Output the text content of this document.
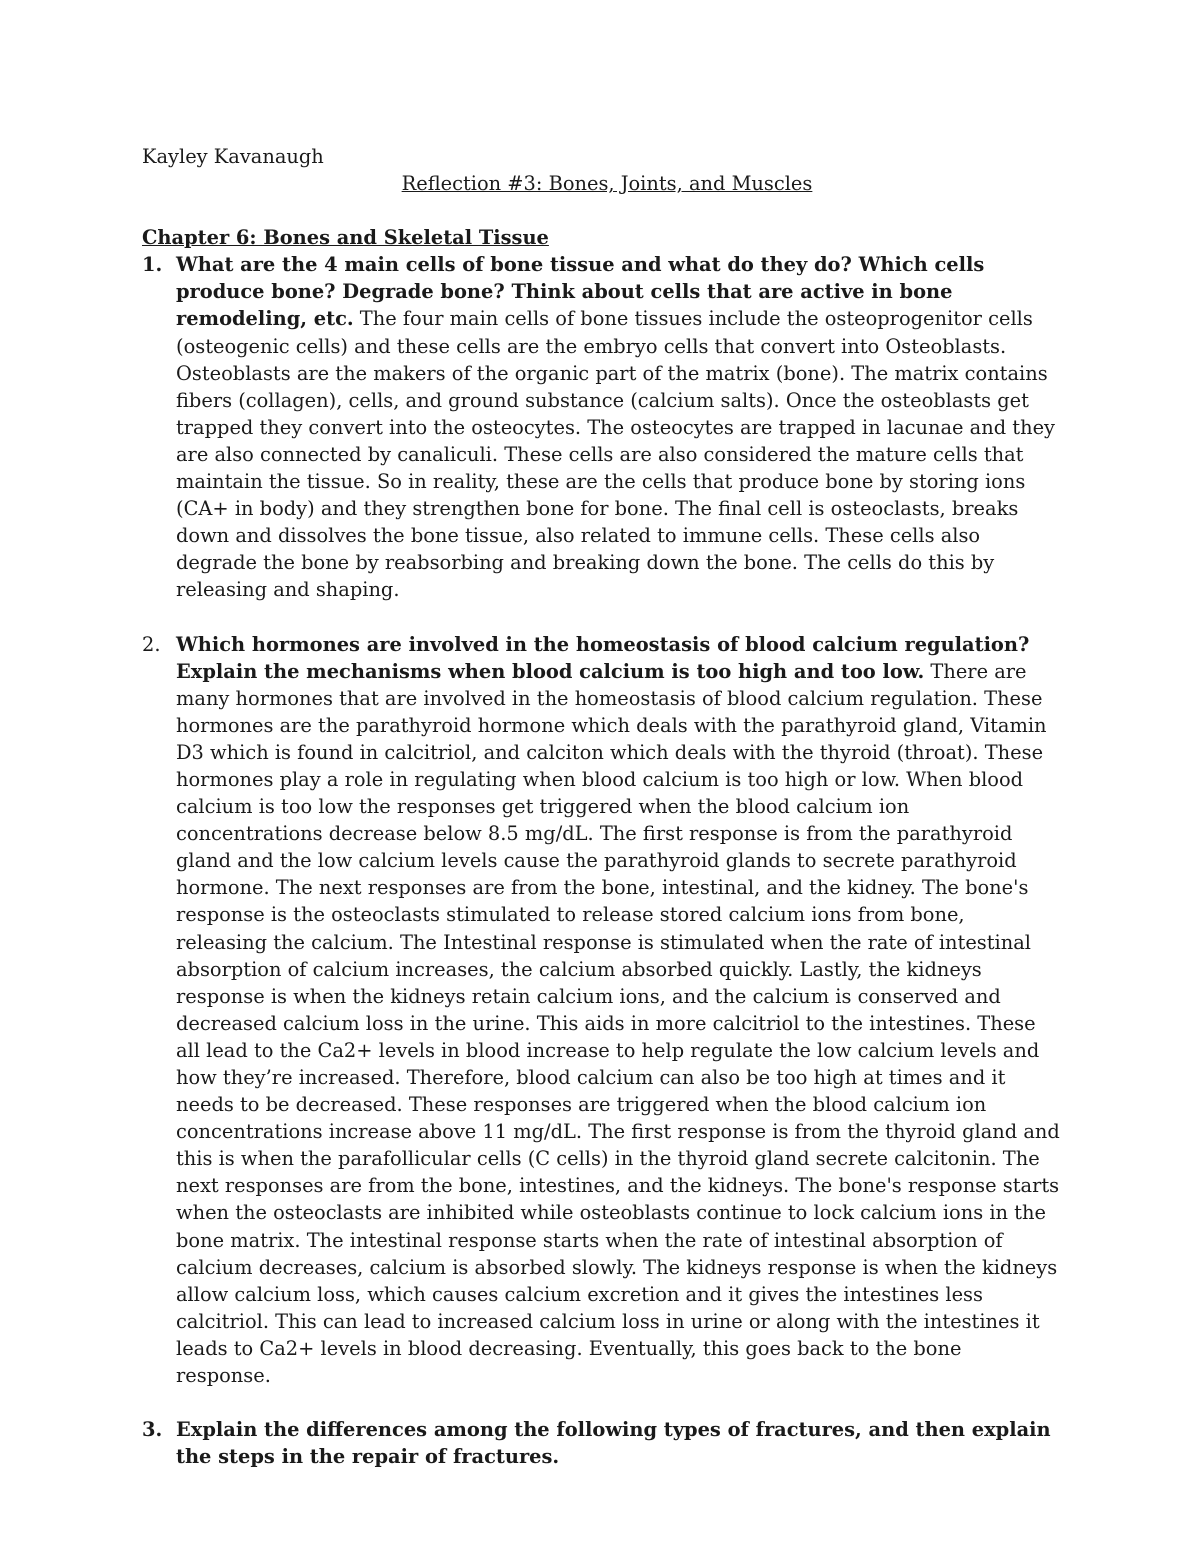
Kayley Kavanaugh

Reflection #3: Bones, Joints, and Muscles

Chapter 6: Bones and Skeletal Tissue

1. What are the 4 main cells of bone tissue and what do they do? Which cells produce bone? Degrade bone? Think about cells that are active in bone remodeling, etc. The four main cells of bone tissues include the osteoprogenitor cells (osteogenic cells) and these cells are the embryo cells that convert into Osteoblasts. Osteoblasts are the makers of the organic part of the matrix (bone). The matrix contains fibers (collagen), cells, and ground substance (calcium salts). Once the osteoblasts get trapped they convert into the osteocytes. The osteocytes are trapped in lacunae and they are also connected by canaliculi. These cells are also considered the mature cells that maintain the tissue. So in reality, these are the cells that produce bone by storing ions (CA+ in body) and they strengthen bone for bone. The final cell is osteoclasts, breaks down and dissolves the bone tissue, also related to immune cells. These cells also degrade the bone by reabsorbing and breaking down the bone. The cells do this by releasing and shaping.
2. Which hormones are involved in the homeostasis of blood calcium regulation? Explain the mechanisms when blood calcium is too high and too low. There are many hormones that are involved in the homeostasis of blood calcium regulation. These hormones are the parathyroid hormone which deals with the parathyroid gland, Vitamin D3 which is found in calcitriol, and calciton which deals with the thyroid (throat). These hormones play a role in regulating when blood calcium is too high or low. When blood calcium is too low the responses get triggered when the blood calcium ion concentrations decrease below 8.5 mg/dL. The first response is from the parathyroid gland and the low calcium levels cause the parathyroid glands to secrete parathyroid hormone. The next responses are from the bone, intestinal, and the kidney. The bone's response is the osteoclasts stimulated to release stored calcium ions from bone, releasing the calcium. The Intestinal response is stimulated when the rate of intestinal absorption of calcium increases, the calcium absorbed quickly. Lastly, the kidneys response is when the kidneys retain calcium ions, and the calcium is conserved and decreased calcium loss in the urine. This aids in more calcitriol to the intestines. These all lead to the Ca2+ levels in blood increase to help regulate the low calcium levels and how they’re increased. Therefore, blood calcium can also be too high at times and it needs to be decreased. These responses are triggered when the blood calcium ion concentrations increase above 11 mg/dL. The first response is from the thyroid gland and this is when the parafollicular cells (C cells) in the thyroid gland secrete calcitonin. The next responses are from the bone, intestines, and the kidneys. The bone's response starts when the osteoclasts are inhibited while osteoblasts continue to lock calcium ions in the bone matrix. The intestinal response starts when the rate of intestinal absorption of calcium decreases, calcium is absorbed slowly. The kidneys response is when the kidneys allow calcium loss, which causes calcium excretion and it gives the intestines less calcitriol. This can lead to increased calcium loss in urine or along with the intestines it leads to Ca2+ levels in blood decreasing. Eventually, this goes back to the bone response.
3. Explain the differences among the following types of fractures, and then explain the steps in the repair of fractures.
